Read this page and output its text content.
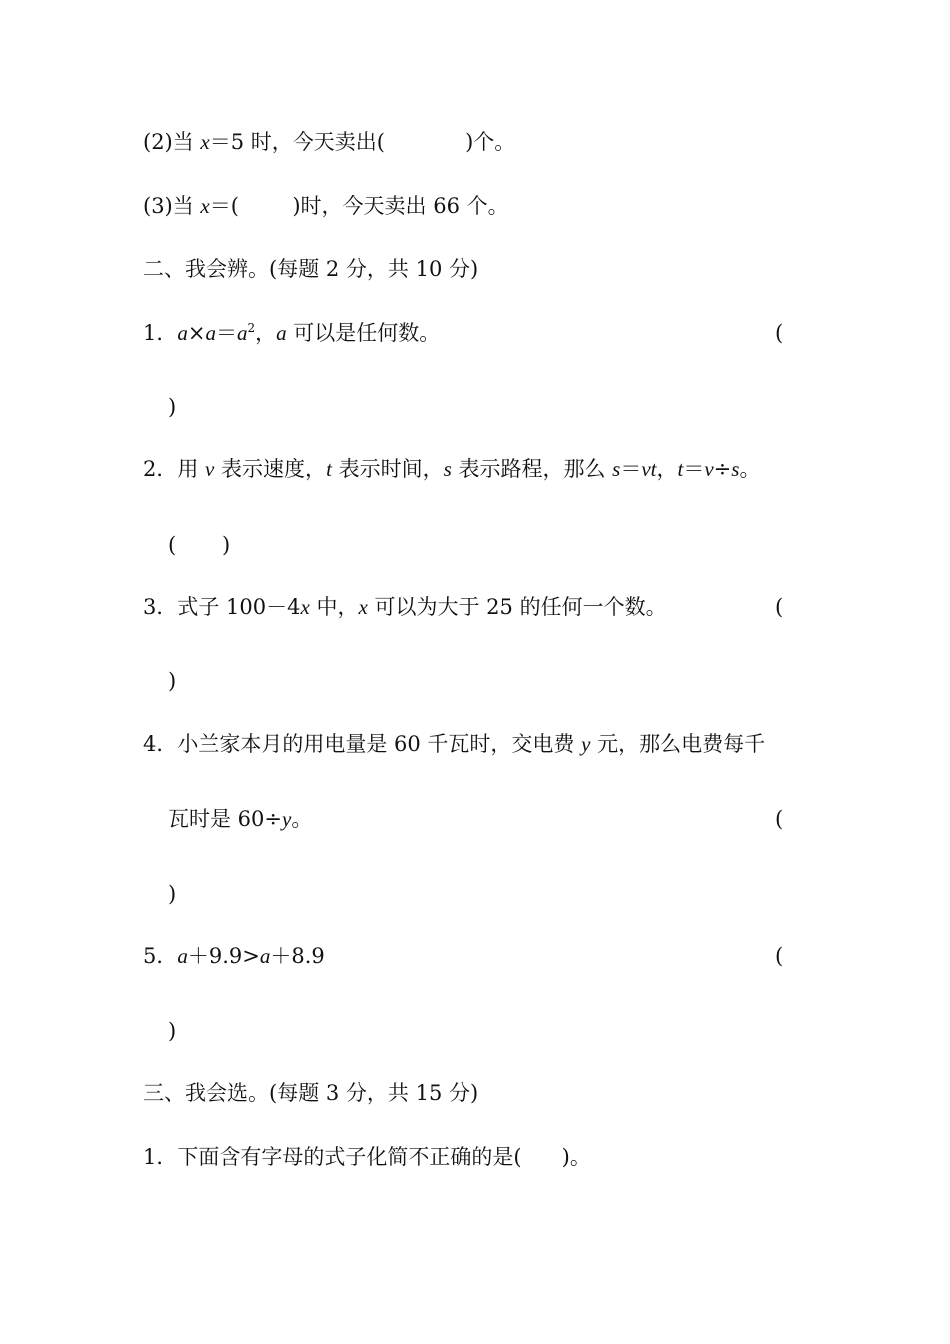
(2)当 x＝5 时，今天卖出(	)个。
(3)当 x＝(	)时，今天卖出 66 个。
二、我会辨。(每题 2 分，共 10 分)
1．$a\times a=a^2$，a 可以是任何数。	(
)
2．用 v 表示速度，t 表示时间，s 表示路程，那么 s＝vt，t＝v÷s。
( )
3．式子 100－4x 中，x 可以为大于 25 的任何一个数。	(
)
4．小兰家本月的用电量是 60 千瓦时，交电费 y 元，那么电费每千
瓦时是 60÷y。	(
)
5．a＋9.9>a＋8.9	(
)
三、我会选。(每题 3 分，共 15 分)
1．下面含有字母的式子化简不正确的是( )。
